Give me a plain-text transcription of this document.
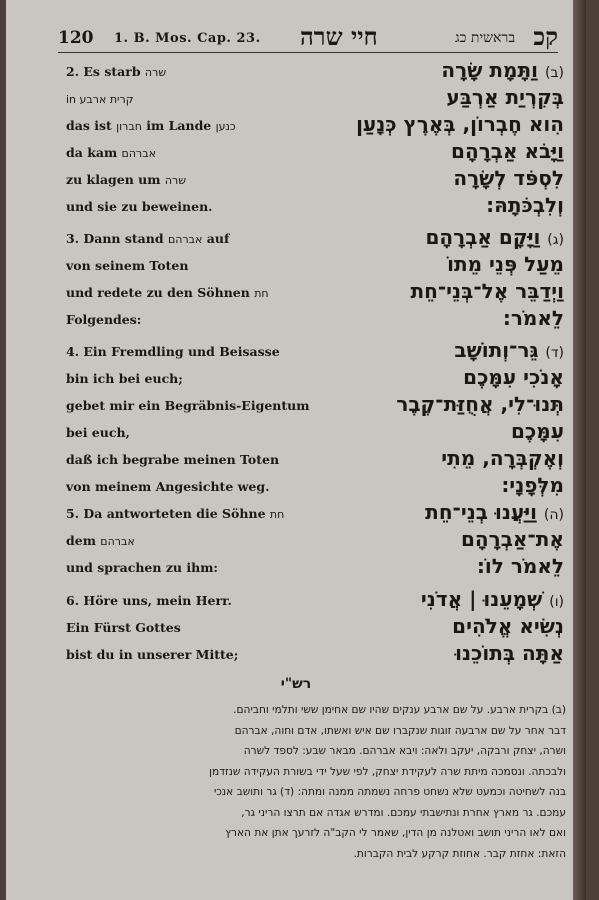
120 1. B. Mos. Cap. 23. חיי שרה	בראשית כג קכ
2. Es starb שרה	(ב) וַתָּמָת שָׂרָה
קרית ארבע in	בְּקִרְיַת אַרְבַּע
das ist חברון im Lande כנען	הִוא חֶבְרוֹן, בְּאֶרֶץ כְּנָעַן
da kam אברהם	וַיָּבֹא אַבְרָהָם
zu klagen um שרה	לִסְפֹּד לְשָׂרָה
und sie zu beweinen.	וְלִבְכֹּתָהּ:
3. Dann stand אברהם auf	(ג) וַיָּקָם אַבְרָהָם
von seinem Toten	מֵעַל פְּנֵי מֵתוֹ
und redete zu den Söhnen חת	וַיְדַבֵּר אֶל־בְּנֵי־חֵת
Folgendes:	לֵאמֹר:
4. Ein Fremdling und Beisasse	(ד) גֵּר־וְתוֹשָׁב
bin ich bei euch;	אָנֹכִי עִמָּכֶם
gebet mir ein Begräbnis-Eigentum	תְּנוּ־לִי, אֲחֻזַּת־קֶבֶר
bei euch,	עִמָּכֶם
daß ich begrabe meinen Toten	וְאֶקְבְּרָה, מֵתִי
von meinem Angesichte weg.	מִלְּפָנָי:
5. Da antworteten die Söhne חת	(ה) וַיַּעֲנוּ בְנֵי־חֵת
dem אברהם	אֶת־אַבְרָהָם
und sprachen zu ihm:	לֵאמֹר לוֹ:
6. Höre uns, mein Herr.	(ו) שְׁמָעֵנוּ | אֲדֹנִי
Ein Fürst Gottes	נְשִׂיא אֱלֹהִים
bist du in unserer Mitte;	אַתָּה בְּתוֹכֵנוּ
רש"י
(ב) בקרית ארבע. על שם ארבע ענקים שהיו שם אחימן ששי ותלמי וחביהם.
דבר אחר על שם ארבעה זוגות שנקברו שם איש ואשתו, אדם וחוה, אברהם
ושרה, יצחק ורבקה, יעקב ולאה: ויבא אברהם. מבאר שבע: לספד לשרה
ולבכתה. ונסמכה מיתת שרה לעקידת יצחק, לפי שעל ידי בשורת העקידה שנזדמן
בנה לשחיטה וכמעט שלא נשחט פרחה נשמתה ממנה ומתה: (ד) גר ותושב אנכי
עמכם. גר מארץ אחרת ונתישבתי עמכם. ומדרש אגדה אם תרצו הריני גר,
ואם לאו הריני תושב ואטלנה מן הדין, שאמר לי הקב"ה לזרעך אתן את הארץ
הזאת: אחזת קבר. אחוזת קרקע לבית הקברות.
